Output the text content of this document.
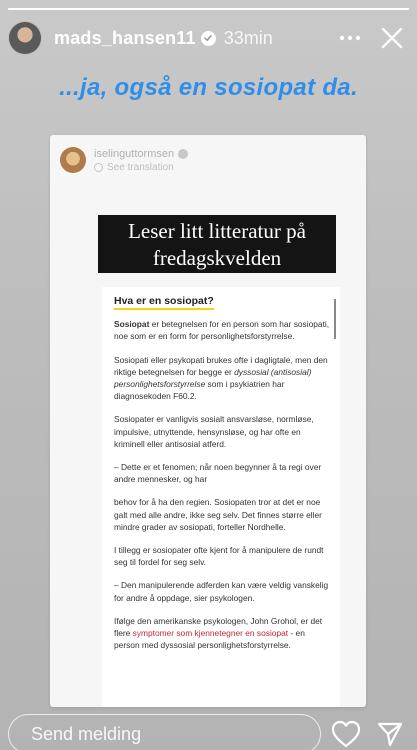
mads_hansen11 33min
...ja, også en sosiopat da.
iselinguttormsen
See translation
Leser litt litteratur på
fredagskvelden
Hva er en sosiopat?

Sosiopat er betegnelsen for en person som har sosiopati, noe som er en form for personlighetsforstyrrelse.

Sosiopati eller psykopati brukes ofte i dagligtale, men den riktige betegnelsen for begge er dyssosial (antisosial) personlighetsforstyrrelse som i psykiatrien har diagnosekoden F60.2.

Sosiopater er vanligvis sosialt ansvarsløse, normløse, impulsive, utnyttende, hensynsløse, og har ofte en kriminell eller antisosial atferd.

– Dette er et fenomen; når noen begynner å ta regi over andre mennesker, og har

behov for å ha den regien. Sosiopaten tror at det er noe galt med alle andre, ikke seg selv. Det finnes større eller mindre grader av sosiopati, forteller Nordhelle.

I tillegg er sosiopater ofte kjent for å manipulere de rundt seg til fordel for seg selv.

– Den manipulerende adferden kan være veldig vanskelig for andre å oppdage, sier psykologen.

Ifølge den amerikanske psykologen, John Grohol, er det flere symptomer som kjennetegner en sosiopat - en person med dyssosial personlighetsforstyrrelse.

Send melding
